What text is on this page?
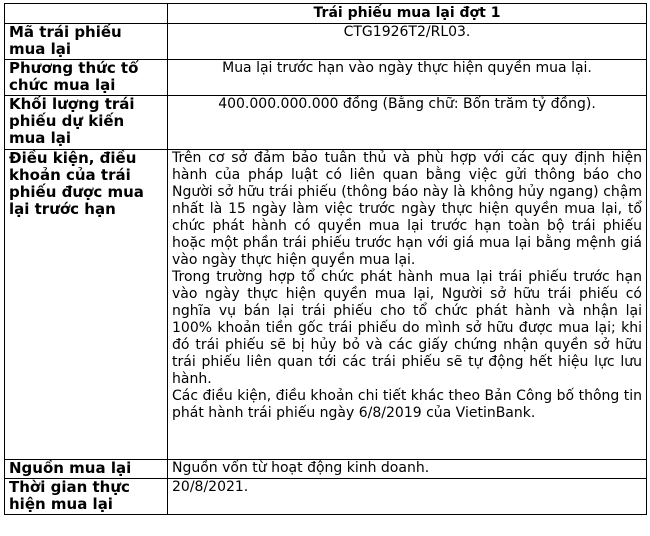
	Trái phiếu mua lại đợt 1
Mã trái phiếu mua lại	CTG1926T2/RL03.
Phương thức tổ chức mua lại	Mua lại trước hạn vào ngày thực hiện quyền mua lại.
Khối lượng trái phiếu dự kiến mua lại	400.000.000.000 đồng (Bằng chữ: Bốn trăm tỷ đồng).
Điều kiện, điều khoản của trái phiếu được mua lại trước hạn	Trên cơ sở đảm bảo tuân thủ và phù hợp với các quy định hiện hành của pháp luật có liên quan bằng việc gửi thông báo cho Người sở hữu trái phiếu (thông báo này là không hủy ngang) chậm nhất là 15 ngày làm việc trước ngày thực hiện quyền mua lại, tổ chức phát hành có quyền mua lại trước hạn toàn bộ trái phiếu hoặc một phần trái phiếu trước hạn với giá mua lại bằng mệnh giá vào ngày thực hiện quyền mua lại.

Trong trường hợp tổ chức phát hành mua lại trái phiếu trước hạn vào ngày thực hiện quyền mua lại, Người sở hữu trái phiếu có nghĩa vụ bán lại trái phiếu cho tổ chức phát hành và nhận lại 100% khoản tiền gốc trái phiếu do mình sở hữu được mua lại; khi đó trái phiếu sẽ bị hủy bỏ và các giấy chứng nhận quyền sở hữu trái phiếu liên quan tới các trái phiếu sẽ tự động hết hiệu lực lưu hành.

Các điều kiện, điều khoản chi tiết khác theo Bản Công bố thông tin phát hành trái phiếu ngày 6/8/2019 của VietinBank.

Nguồn mua lại	Nguồn vốn từ hoạt động kinh doanh.
Thời gian thực hiện mua lại	20/8/2021.
